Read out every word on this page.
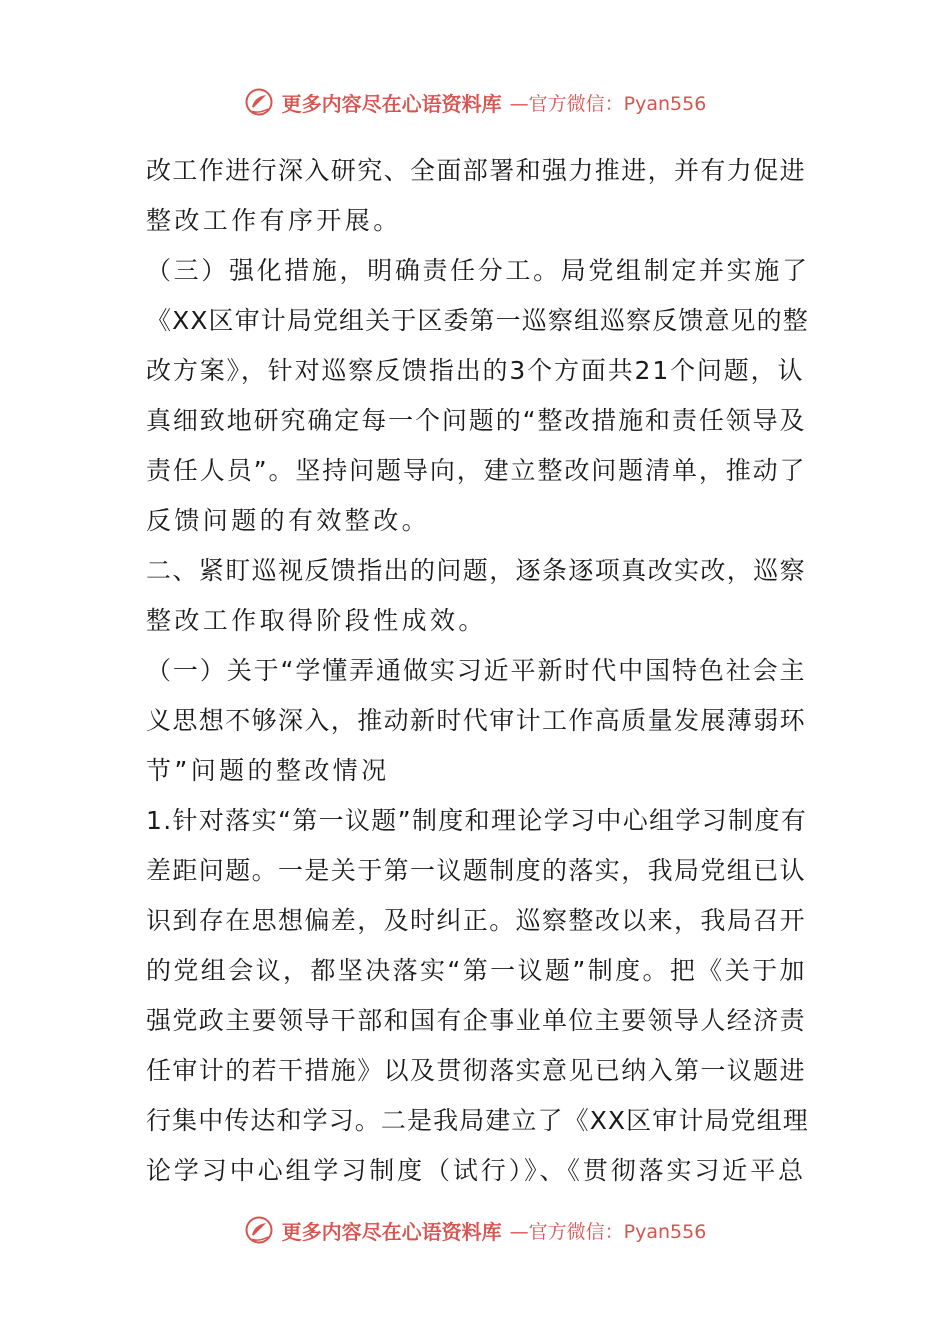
更多内容尽在心语资料库 —官方微信：Pyan556
改工作进行深入研究、全面部署和强力推进，并有力促进
整改工作有序开展。
（三）强化措施，明确责任分工。局党组制定并实施了
《XX区审计局党组关于区委第一巡察组巡察反馈意见的整
改方案》，针对巡察反馈指出的3个方面共21个问题，认
真细致地研究确定每一个问题的“整改措施和责任领导及
责任人员”。坚持问题导向，建立整改问题清单，推动了
反馈问题的有效整改。
二、紧盯巡视反馈指出的问题，逐条逐项真改实改，巡察
整改工作取得阶段性成效。
（一）关于“学懂弄通做实习近平新时代中国特色社会主
义思想不够深入，推动新时代审计工作高质量发展薄弱环
节”问题的整改情况
1.针对落实“第一议题”制度和理论学习中心组学习制度有
差距问题。一是关于第一议题制度的落实，我局党组已认
识到存在思想偏差，及时纠正。巡察整改以来，我局召开
的党组会议，都坚决落实“第一议题”制度。把《关于加
强党政主要领导干部和国有企事业单位主要领导人经济责
任审计的若干措施》以及贯彻落实意见已纳入第一议题进
行集中传达和学习。二是我局建立了《XX区审计局党组理
论学习中心组学习制度（试行）》、《贯彻落实习近平总
更多内容尽在心语资料库 —官方微信：Pyan556
